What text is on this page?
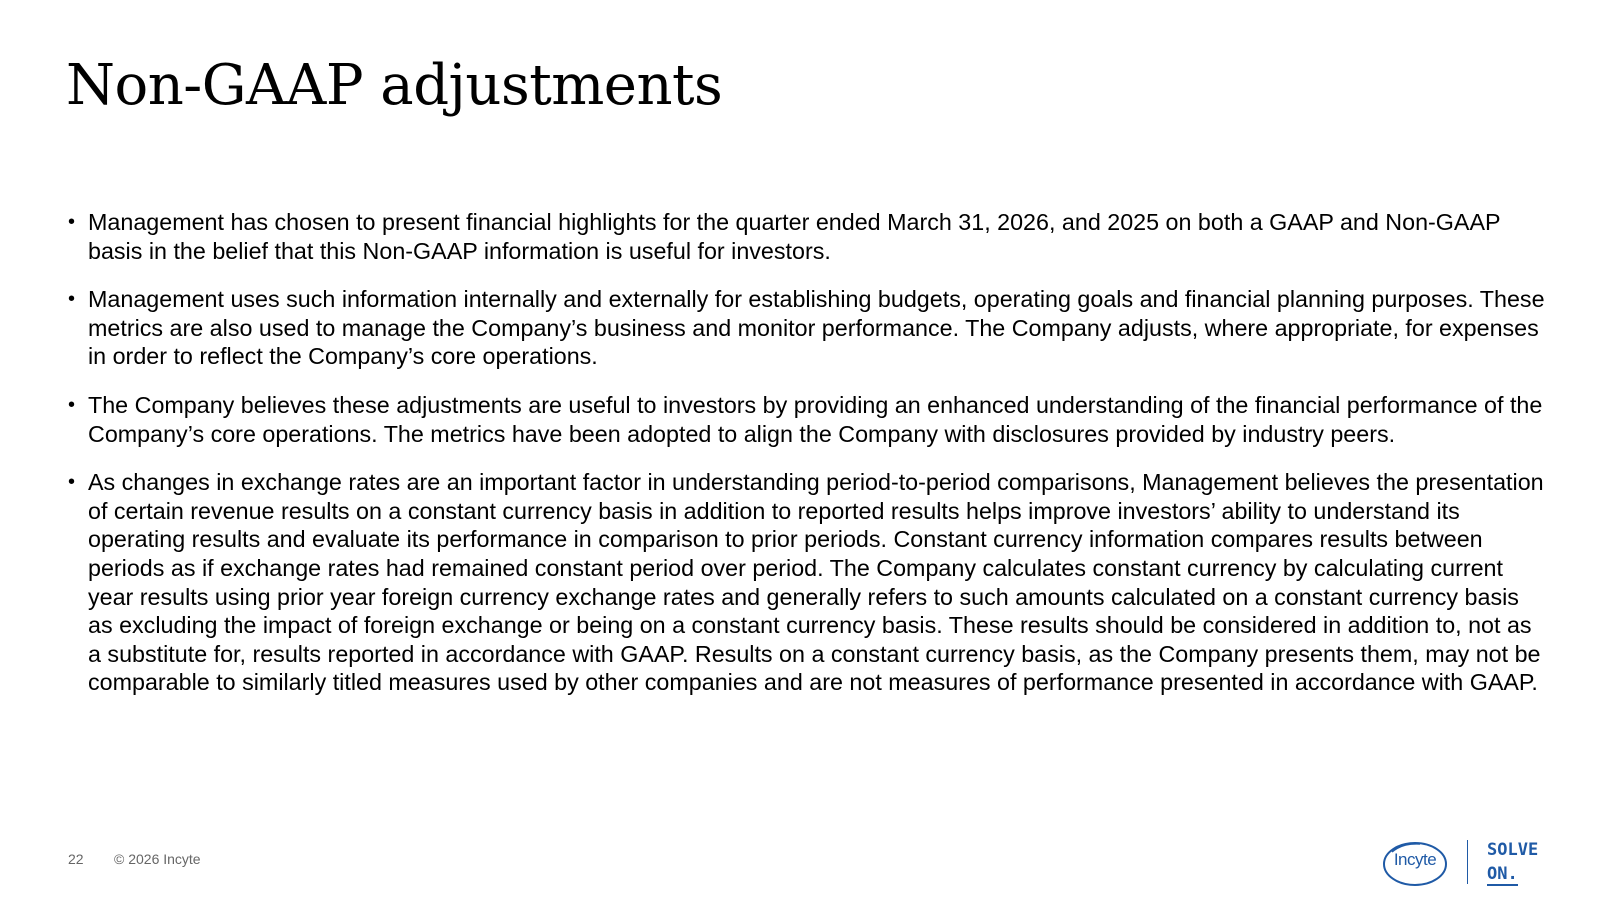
Non-GAAP adjustments
• Management has chosen to present financial highlights for the quarter ended March 31, 2026, and 2025 on both a GAAP and Non-GAAP basis in the belief that this Non-GAAP information is useful for investors.
• Management uses such information internally and externally for establishing budgets, operating goals and financial planning purposes. These metrics are also used to manage the Company’s business and monitor performance. The Company adjusts, where appropriate, for expenses in order to reflect the Company’s core operations.
• The Company believes these adjustments are useful to investors by providing an enhanced understanding of the financial performance of the Company’s core operations. The metrics have been adopted to align the Company with disclosures provided by industry peers.
• As changes in exchange rates are an important factor in understanding period-to-period comparisons, Management believes the presentation of certain revenue results on a constant currency basis in addition to reported results helps improve investors’ ability to understand its operating results and evaluate its performance in comparison to prior periods. Constant currency information compares results between periods as if exchange rates had remained constant period over period. The Company calculates constant currency by calculating current year results using prior year foreign currency exchange rates and generally refers to such amounts calculated on a constant currency basis as excluding the impact of foreign exchange or being on a constant currency basis. These results should be considered in addition to, not as a substitute for, results reported in accordance with GAAP. Results on a constant currency basis, as the Company presents them, may not be comparable to similarly titled measures used by other companies and are not measures of performance presented in accordance with GAAP.
22 © 2026 Incyte	Incyte	SOLVE
ON.
